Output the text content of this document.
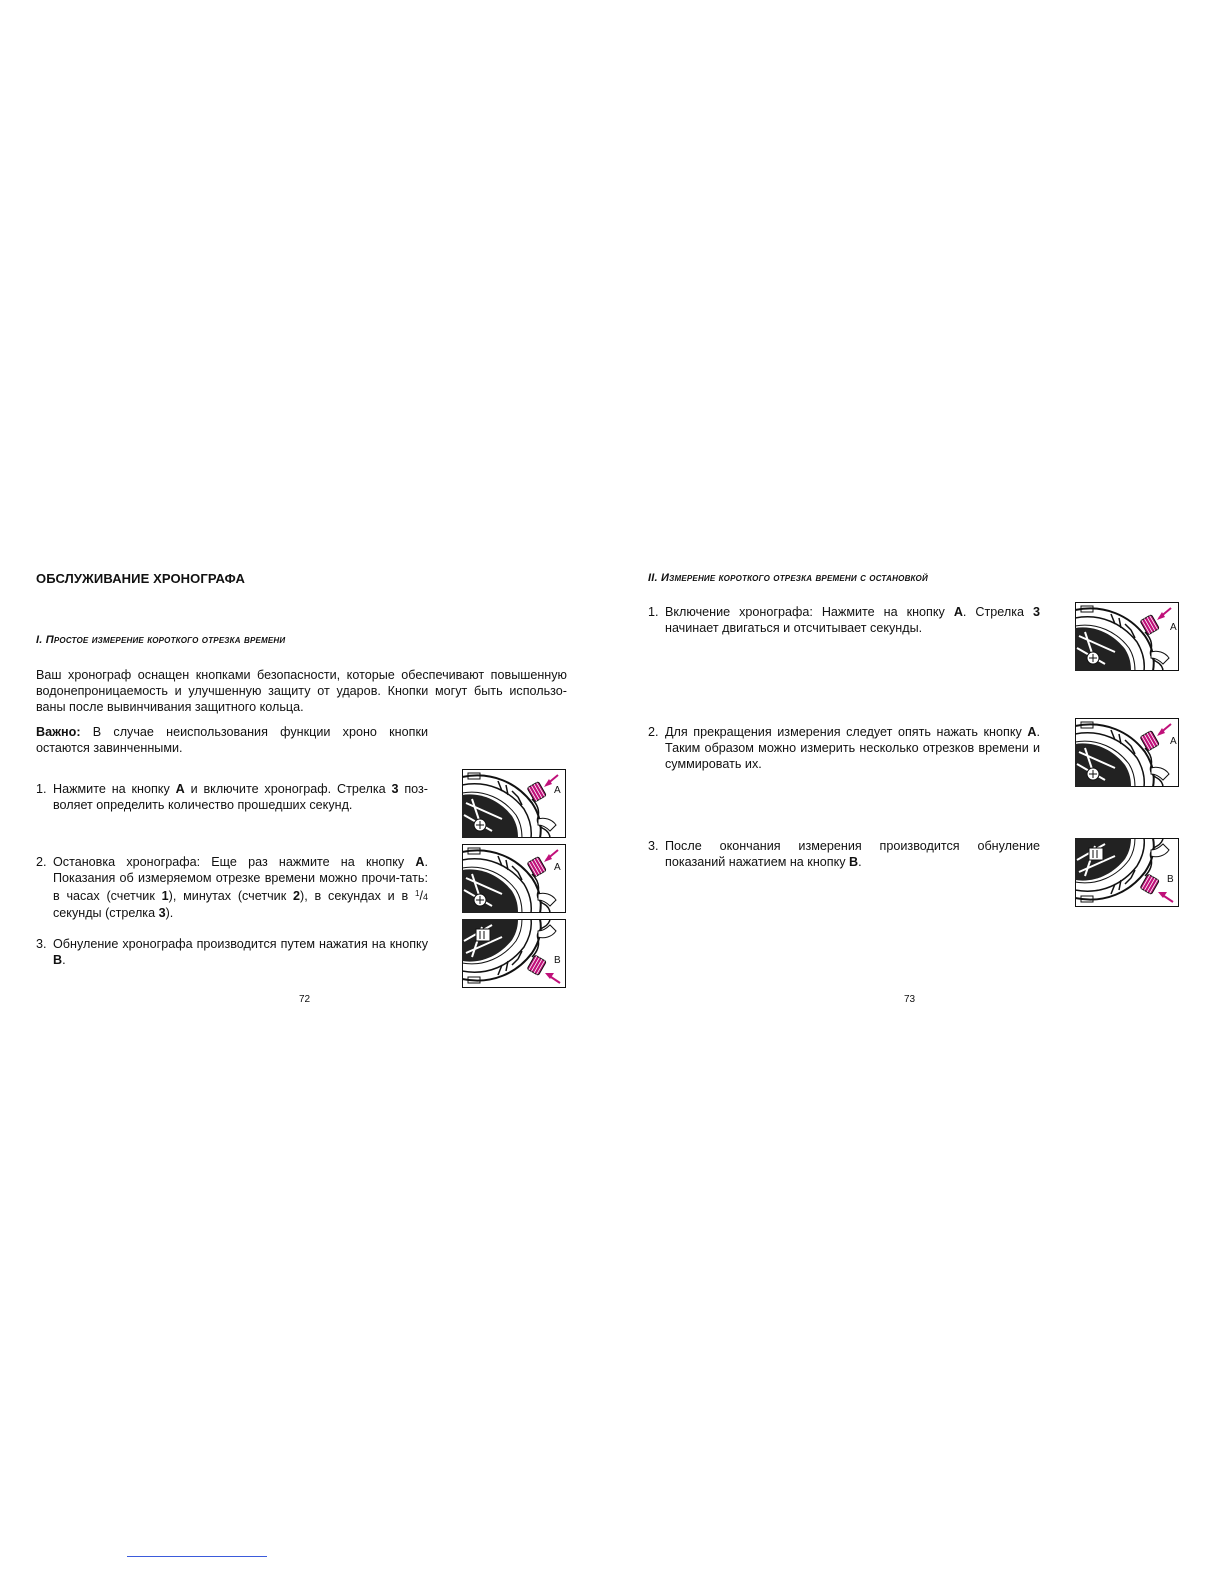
ОБСЛУЖИВАНИЕ ХРОНОГРАФА
I. Простое измерение короткого отрезка времени

Ваш хронограф оснащен кнопками безопасности, которые обеспечивают повышенную водонепроницаемость и улучшенную защиту от ударов. Кнопки могут быть использо-ваны после вывинчивания защитного кольца.

Важно: В случае неиспользования функции хроно кнопки остаются завинченными.

1. Нажмите на кнопку A и включите хронограф. Стрелка 3 поз-воляет определить количество прошедших секунд.
2. Остановка хронографа: Еще раз нажмите на кнопку A. Показания об измеряемом отрезке времени можно прочи-тать: в часах (счетчик 1), минутах (счетчик 2), в секундах и в $^1$/4 секунды (стрелка 3).
3. Обнуление хронографа производится путем нажатия на кнопку B.
A
A
B

72

II. Измерение короткого отрезка времени с остановкой
1. Включение хронографа: Нажмите на кнопку A. Стрелка 3 начинает двигаться и отсчитывает секунды.
2. Для прекращения измерения следует опять нажать кнопку A. Таким образом можно измерить несколько отрезков времени и суммировать их.
3. После окончания измерения производится обнуление показаний нажатием на кнопку B.
A
A
B

73
